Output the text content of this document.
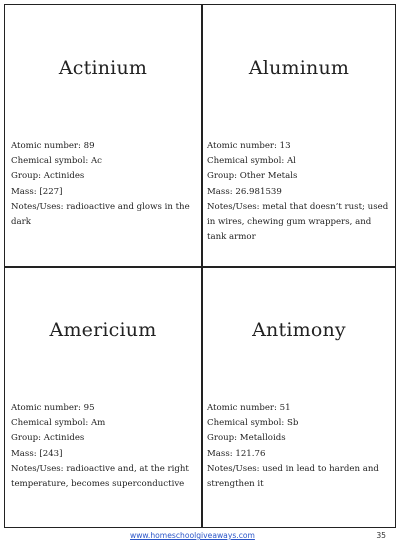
Actinium
Atomic number: 89
Chemical symbol: Ac
Group: Actinides
Mass: [227]
Notes/Uses: radioactive and glows in the dark
Aluminum
Atomic number: 13
Chemical symbol: Al
Group: Other Metals
Mass: 26.981539
Notes/Uses: metal that doesn’t rust; used in wires, chewing gum wrappers, and tank armor
Americium
Atomic number: 95
Chemical symbol: Am
Group: Actinides
Mass: [243]
Notes/Uses: radioactive and, at the right temperature, becomes superconductive
Antimony
Atomic number: 51
Chemical symbol: Sb
Group: Metalloids
Mass: 121.76
Notes/Uses: used in lead to harden and strengthen it
www.homeschoolgiveaways.com	35
